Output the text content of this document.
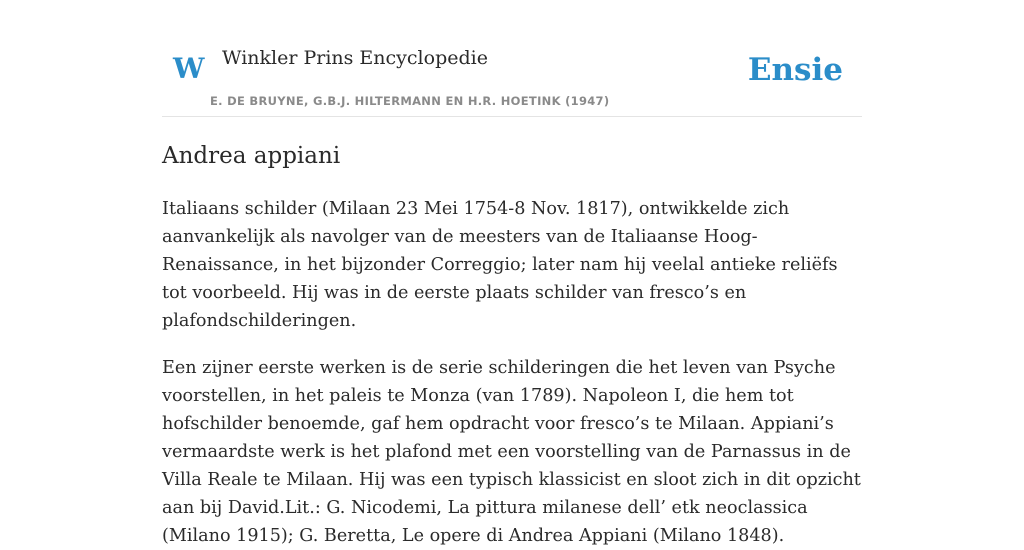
W Winkler Prins Encyclopedie
E. DE BRUYNE, G.B.J. HILTERMANN EN H.R. HOETINK (1947)
Ensie
Andrea appiani

Italiaans schilder (Milaan 23 Mei 1754-8 Nov. 1817), ontwikkelde zich aanvankelijk als navolger van de meesters van de Italiaanse Hoog-Renaissance, in het bijzonder Correggio; later nam hij veelal antieke reliëfs tot voorbeeld. Hij was in de eerste plaats schilder van fresco’s en plafondschilderingen.

Een zijner eerste werken is de serie schilderingen die het leven van Psyche voorstellen, in het paleis te Monza (van 1789). Napoleon I, die hem tot hofschilder benoemde, gaf hem opdracht voor fresco’s te Milaan. Appiani’s vermaardste werk is het plafond met een voorstelling van de Parnassus in de Villa Reale te Milaan. Hij was een typisch klassicist en sloot zich in dit opzicht aan bij David.Lit.: G. Nicodemi, La pittura milanese dell’ etk neoclassica (Milano 1915); G. Beretta, Le opere di Andrea Appiani (Milano 1848).
